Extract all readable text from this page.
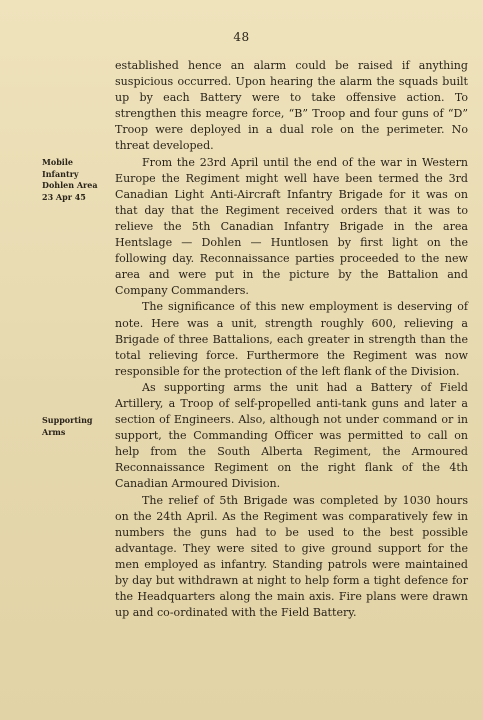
48
Mobile
Infantry
Dohlen Area
23 Apr 45
Supporting
Arms

established hence an alarm could be raised if anything suspicious occurred. Upon hearing the alarm the squads built up by each Battery were to take offensive action. To strengthen this meagre force, “B” Troop and four guns of “D” Troop were deployed in a dual role on the perimeter. No threat developed.

From the 23rd April until the end of the war in Western Europe the Regiment might well have been termed the 3rd Canadian Light Anti-Aircraft Infantry Brigade for it was on that day that the Regiment received orders that it was to relieve the 5th Canadian Infantry Brigade in the area Hentslage — Dohlen — Huntlosen by first light on the following day. Reconnaissance parties proceeded to the new area and were put in the picture by the Battalion and Company Commanders.

The significance of this new employment is deserving of note. Here was a unit, strength roughly 600, relieving a Brigade of three Battalions, each greater in strength than the total relieving force. Furthermore the Regiment was now responsible for the protection of the left flank of the Division.

As supporting arms the unit had a Battery of Field Artillery, a Troop of self-propelled anti-tank guns and later a section of Engineers. Also, although not under command or in support, the Commanding Officer was permitted to call on help from the South Alberta Regiment, the Armoured Reconnaissance Regiment on the right flank of the 4th Canadian Armoured Division.

The relief of 5th Brigade was completed by 1030 hours on the 24th April. As the Regiment was comparatively few in numbers the guns had to be used to the best possible advantage. They were sited to give ground support for the men employed as infantry. Standing patrols were maintained by day but withdrawn at night to help form a tight defence for the Headquarters along the main axis. Fire plans were drawn up and co-ordinated with the Field Battery.
